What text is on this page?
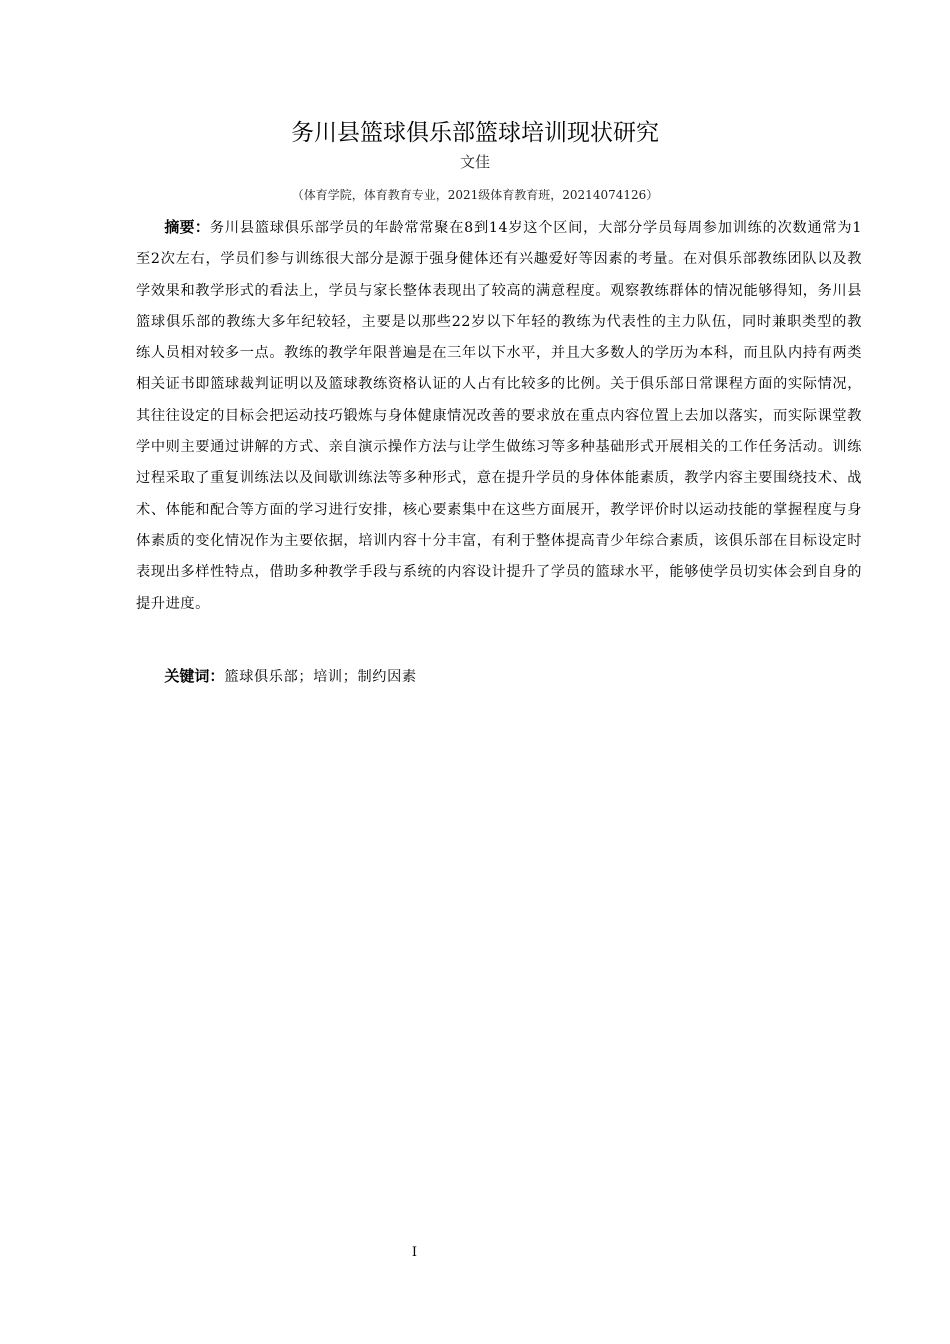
务川县篮球俱乐部篮球培训现状研究
文佳
（体育学院，体育教育专业，2021级体育教育班，20214074126）

摘要：务川县篮球俱乐部学员的年龄常常聚在8到14岁这个区间，大部分学员每周参加训练的次数通常为1至2次左右，学员们参与训练很大部分是源于强身健体还有兴趣爱好等因素的考量。在对俱乐部教练团队以及教学效果和教学形式的看法上，学员与家长整体表现出了较高的满意程度。观察教练群体的情况能够得知，务川县篮球俱乐部的教练大多年纪较轻，主要是以那些22岁以下年轻的教练为代表性的主力队伍，同时兼职类型的教练人员相对较多一点。教练的教学年限普遍是在三年以下水平，并且大多数人的学历为本科，而且队内持有两类相关证书即篮球裁判证明以及篮球教练资格认证的人占有比较多的比例。关于俱乐部日常课程方面的实际情况，其往往设定的目标会把运动技巧锻炼与身体健康情况改善的要求放在重点内容位置上去加以落实，而实际课堂教学中则主要通过讲解的方式、亲自演示操作方法与让学生做练习等多种基础形式开展相关的工作任务活动。训练过程采取了重复训练法以及间歇训练法等多种形式，意在提升学员的身体体能素质，教学内容主要围绕技术、战术、体能和配合等方面的学习进行安排，核心要素集中在这些方面展开，教学评价时以运动技能的掌握程度与身体素质的变化情况作为主要依据，培训内容十分丰富，有利于整体提高青少年综合素质，该俱乐部在目标设定时表现出多样性特点，借助多种教学手段与系统的内容设计提升了学员的篮球水平，能够使学员切实体会到自身的提升进度。

关键词：篮球俱乐部；培训；制约因素

I
